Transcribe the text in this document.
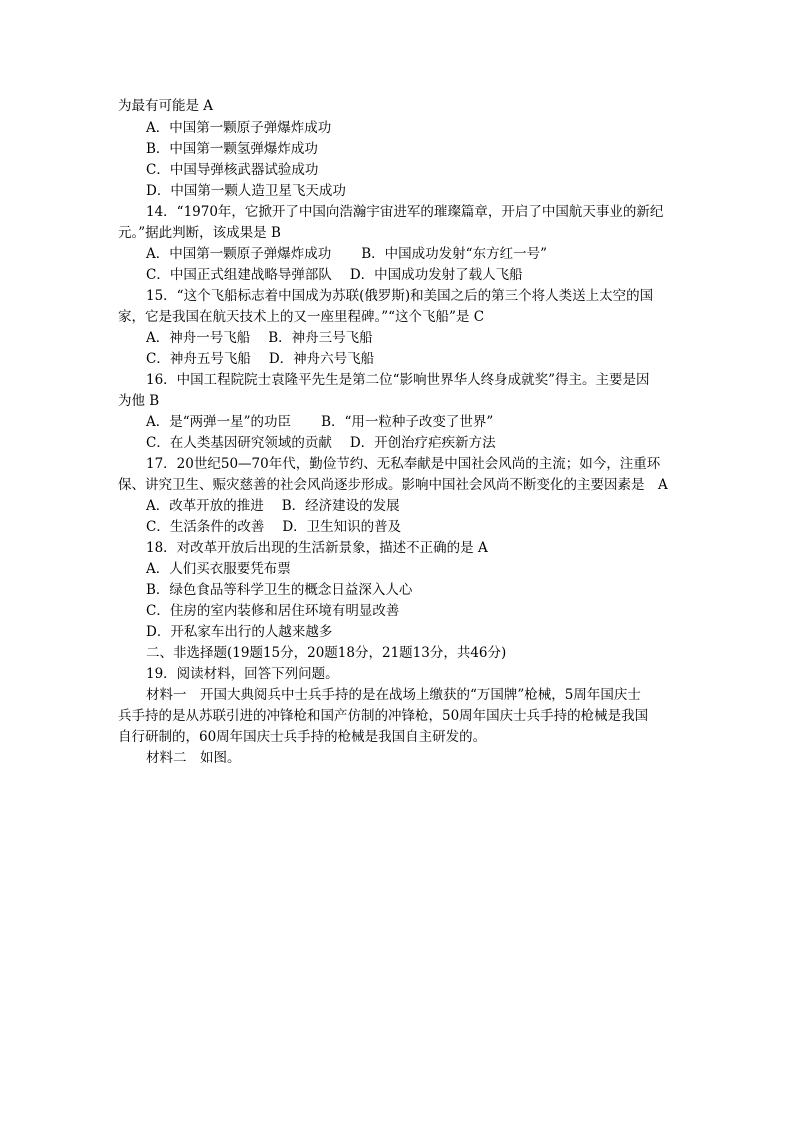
为最有可能是 A
A．中国第一颗原子弹爆炸成功
B．中国第一颗氢弹爆炸成功
C．中国导弹核武器试验成功
D．中国第一颗人造卫星飞天成功
14．“1970年，它掀开了中国向浩瀚宇宙进军的璀璨篇章，开启了中国航天事业的新纪
元。”据此判断，该成果是 B
A．中国第一颗原子弹爆炸成功 B．中国成功发射“东方红一号”
C．中国正式组建战略导弹部队 D．中国成功发射了载人飞船
15．“这个飞船标志着中国成为苏联(俄罗斯)和美国之后的第三个将人类送上太空的国
家，它是我国在航天技术上的又一座里程碑。”“这个飞船”是 C
A．神舟一号飞船 B．神舟三号飞船
C．神舟五号飞船 D．神舟六号飞船
16．中国工程院院士袁隆平先生是第二位“影响世界华人终身成就奖”得主。主要是因
为他 B
A．是“两弹一星”的功臣 B．“用一粒种子改变了世界”
C．在人类基因研究领域的贡献 D．开创治疗疟疾新方法
17．20世纪50—70年代，勤俭节约、无私奉献是中国社会风尚的主流；如今，注重环
保、讲究卫生、赈灾慈善的社会风尚逐步形成。影响中国社会风尚不断变化的主要因素是　A
A．改革开放的推进 B．经济建设的发展
C．生活条件的改善 D．卫生知识的普及
18．对改革开放后出现的生活新景象，描述不正确的是 A
A．人们买衣服要凭布票
B．绿色食品等科学卫生的概念日益深入人心
C．住房的室内装修和居住环境有明显改善
D．开私家车出行的人越来越多
二、非选择题(19题15分，20题18分，21题13分，共46分)
19．阅读材料，回答下列问题。
材料一　开国大典阅兵中士兵手持的是在战场上缴获的“万国牌”枪械，5周年国庆士
兵手持的是从苏联引进的冲锋枪和国产仿制的冲锋枪，50周年国庆士兵手持的枪械是我国
自行研制的，60周年国庆士兵手持的枪械是我国自主研发的。
材料二　如图。
